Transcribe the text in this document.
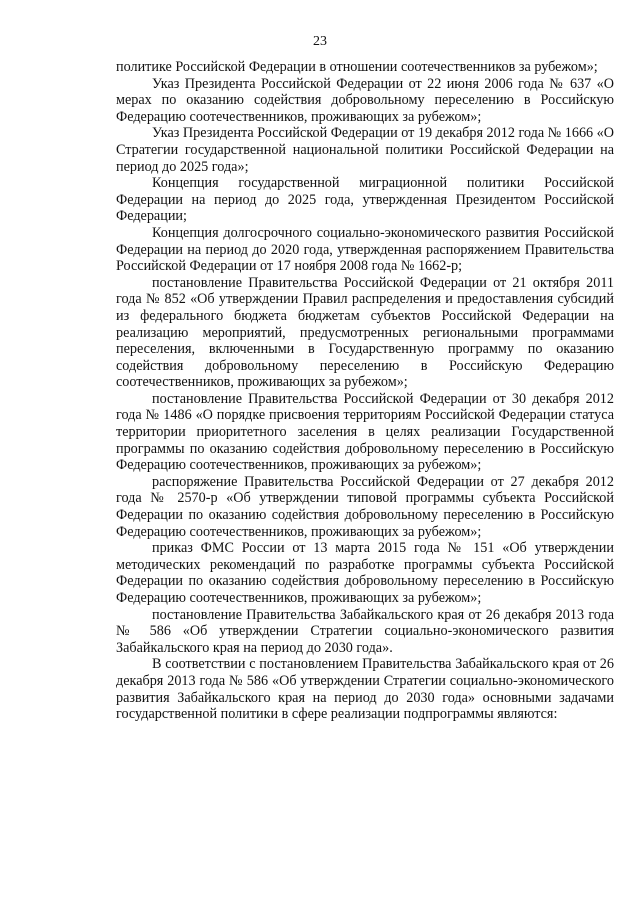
23

политике Российской Федерации в отношении соотечественников за рубежом»;

Указ Президента Российской Федерации от 22 июня 2006 года № 637 «О мерах по оказанию содействия добровольному переселению в Российскую Федерацию соотечественников, проживающих за рубежом»;

Указ Президента Российской Федерации от 19 декабря 2012 года № 1666 «О Стратегии государственной национальной политики Российской Федерации на период до 2025 года»;

Концепция государственной миграционной политики Российской Федерации на период до 2025 года, утвержденная Президентом Российской Федерации;

Концепция долгосрочного социально-экономического развития Российской Федерации на период до 2020 года, утвержденная распоряжением Правительства Российской Федерации от 17 ноября 2008 года № 1662-р;

постановление Правительства Российской Федерации от 21 октября 2011 года № 852 «Об утверждении Правил распределения и предоставления субсидий из федерального бюджета бюджетам субъектов Российской Федерации на реализацию мероприятий, предусмотренных региональными программами переселения, включенными в Государственную программу по оказанию содействия добровольному переселению в Российскую Федерацию соотечественников, проживающих за рубежом»;

постановление Правительства Российской Федерации от 30 декабря 2012 года № 1486 «О порядке присвоения территориям Российской Федерации статуса территории приоритетного заселения в целях реализации Государственной программы по оказанию содействия добровольному переселению в Российскую Федерацию соотечественников, проживающих за рубежом»;

распоряжение Правительства Российской Федерации от 27 декабря 2012 года № 2570-р «Об утверждении типовой программы субъекта Российской Федерации по оказанию содействия добровольному переселению в Российскую Федерацию соотечественников, проживающих за рубежом»;

приказ ФМС России от 13 марта 2015 года № 151 «Об утверждении методических рекомендаций по разработке программы субъекта Российской Федерации по оказанию содействия добровольному переселению в Российскую Федерацию соотечественников, проживающих за рубежом»;

постановление Правительства Забайкальского края от 26 декабря 2013 года № 586 «Об утверждении Стратегии социально-экономического развития Забайкальского края на период до 2030 года».

В соответствии с постановлением Правительства Забайкальского края от 26 декабря 2013 года № 586 «Об утверждении Стратегии социально-экономического развития Забайкальского края на период до 2030 года» основными задачами государственной политики в сфере реализации подпрограммы являются:
